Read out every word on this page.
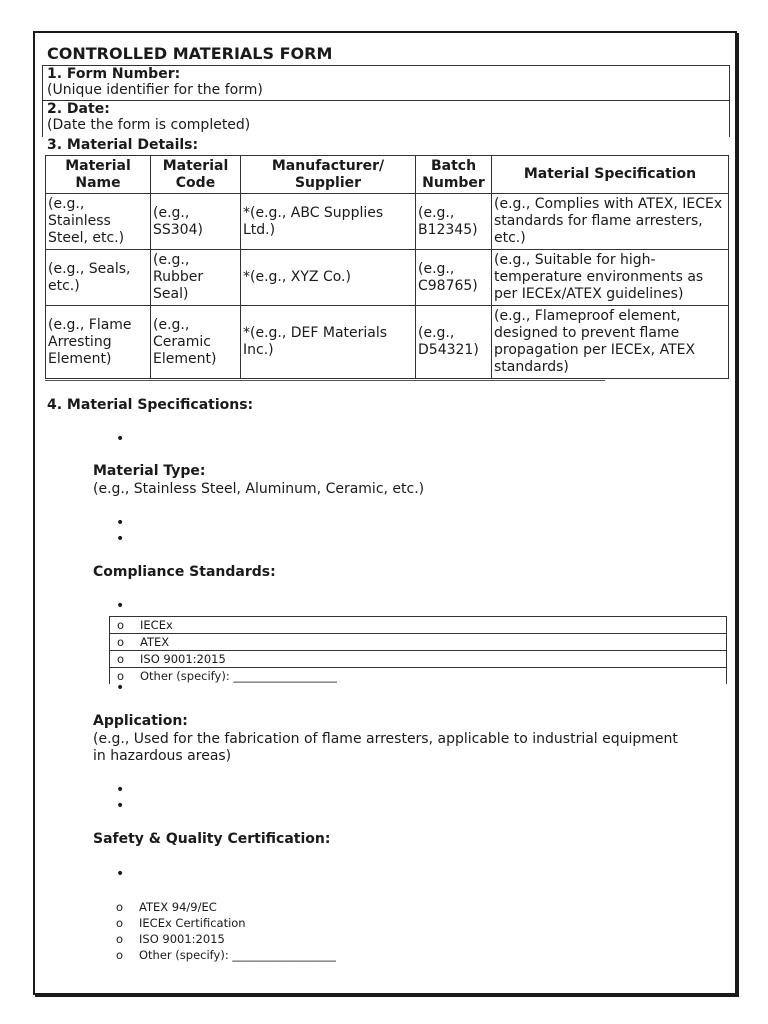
CONTROLLED MATERIALS FORM
1. Form Number:
(Unique identifier for the form)
2. Date:
(Date the form is completed)
3. Material Details:
Material Name	Material Code	Manufacturer/ Supplier	Batch Number	Material Specification
(e.g., Stainless Steel, etc.)	(e.g., SS304)	*(e.g., ABC Supplies Ltd.)	(e.g., B12345)	(e.g., Complies with ATEX, IECEx standards for flame arresters, etc.)
(e.g., Seals, etc.)	(e.g., Rubber Seal)	*(e.g., XYZ Co.)	(e.g., C98765)	(e.g., Suitable for high-temperature environments as per IECEx/ATEX guidelines)
(e.g., Flame Arresting Element)	(e.g., Ceramic Element)	*(e.g., DEF Materials Inc.)	(e.g., D54321)	(e.g., Flameproof element, designed to prevent flame propagation per IECEx, ATEX standards)
4. Material Specifications:
•
Material Type:
(e.g., Stainless Steel, Aluminum, Ceramic, etc.)
•
•
Compliance Standards:
•
o IECEx
o ATEX
o ISO 9001:2015
o Other (specify): __________________
•
Application:
(e.g., Used for the fabrication of flame arresters, applicable to industrial equipment in hazardous areas)
•
•
Safety & Quality Certification:
•
o ATEX 94/9/EC
o IECEx Certification
o ISO 9001:2015
o Other (specify): __________________
